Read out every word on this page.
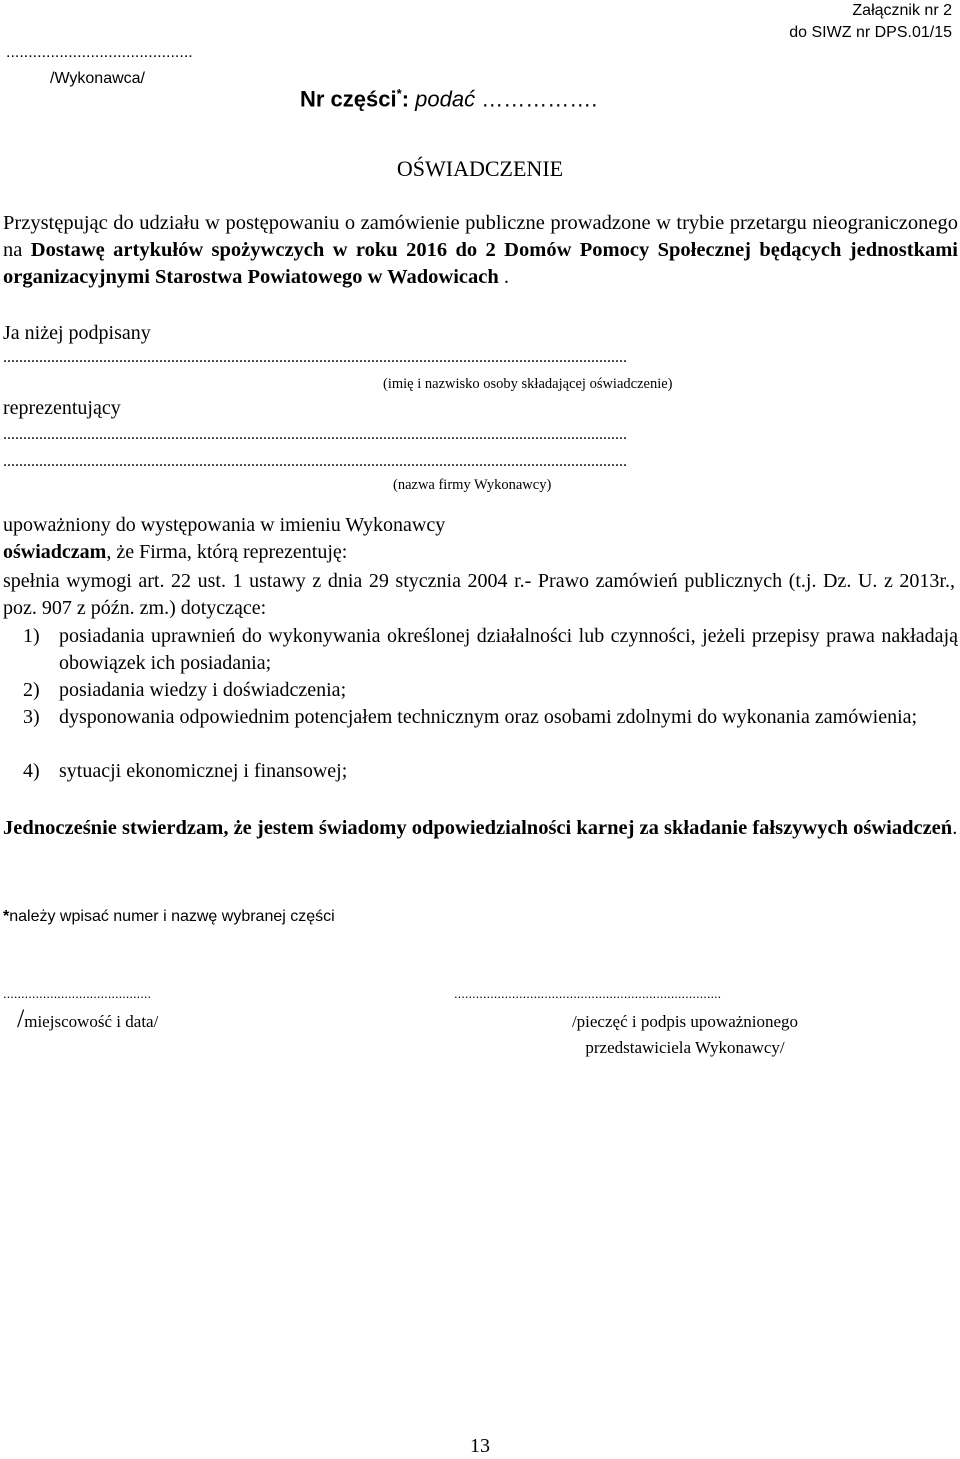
Załącznik nr 2
do SIWZ nr DPS.01/15
..........................................
/Wykonawca/
Nr części*: podać …………….
OŚWIADCZENIE
Przystępując do udziału w postępowaniu o zamówienie publiczne prowadzone w trybie przetargu nieograniczonego na Dostawę artykułów spożywczych w roku 2016 do 2 Domów Pomocy Społecznej będących jednostkami organizacyjnymi Starostwa Powiatowego w Wadowicach .
Ja niżej podpisany
............................................................................................................................................................
(imię i nazwisko osoby składającej oświadczenie)
reprezentujący
............................................................................................................................................................
............................................................................................................................................................
(nazwa firmy Wykonawcy)
upoważniony do występowania w imieniu Wykonawcy
oświadczam, że Firma, którą reprezentuję:
spełnia wymogi art. 22 ust. 1 ustawy z dnia 29 stycznia 2004 r.- Prawo zamówień publicznych (t.j. Dz. U. z 2013r., poz. 907 z późn. zm.) dotyczące:
1) posiadania uprawnień do wykonywania określonej działalności lub czynności, jeżeli przepisy prawa nakładają obowiązek ich posiadania;
2) posiadania wiedzy i doświadczenia;
3) dysponowania odpowiednim potencjałem technicznym oraz osobami zdolnymi do wykonania zamówienia;
4) sytuacji ekonomicznej i finansowej;
Jednocześnie stwierdzam, że jestem świadomy odpowiedzialności karnej za składanie fałszywych oświadczeń.
*należy wpisać numer i nazwę wybranej części
.........................................
/miejscowość i data/
..........................................................................
/pieczęć i podpis upoważnionego
przedstawiciela Wykonawcy/
13
